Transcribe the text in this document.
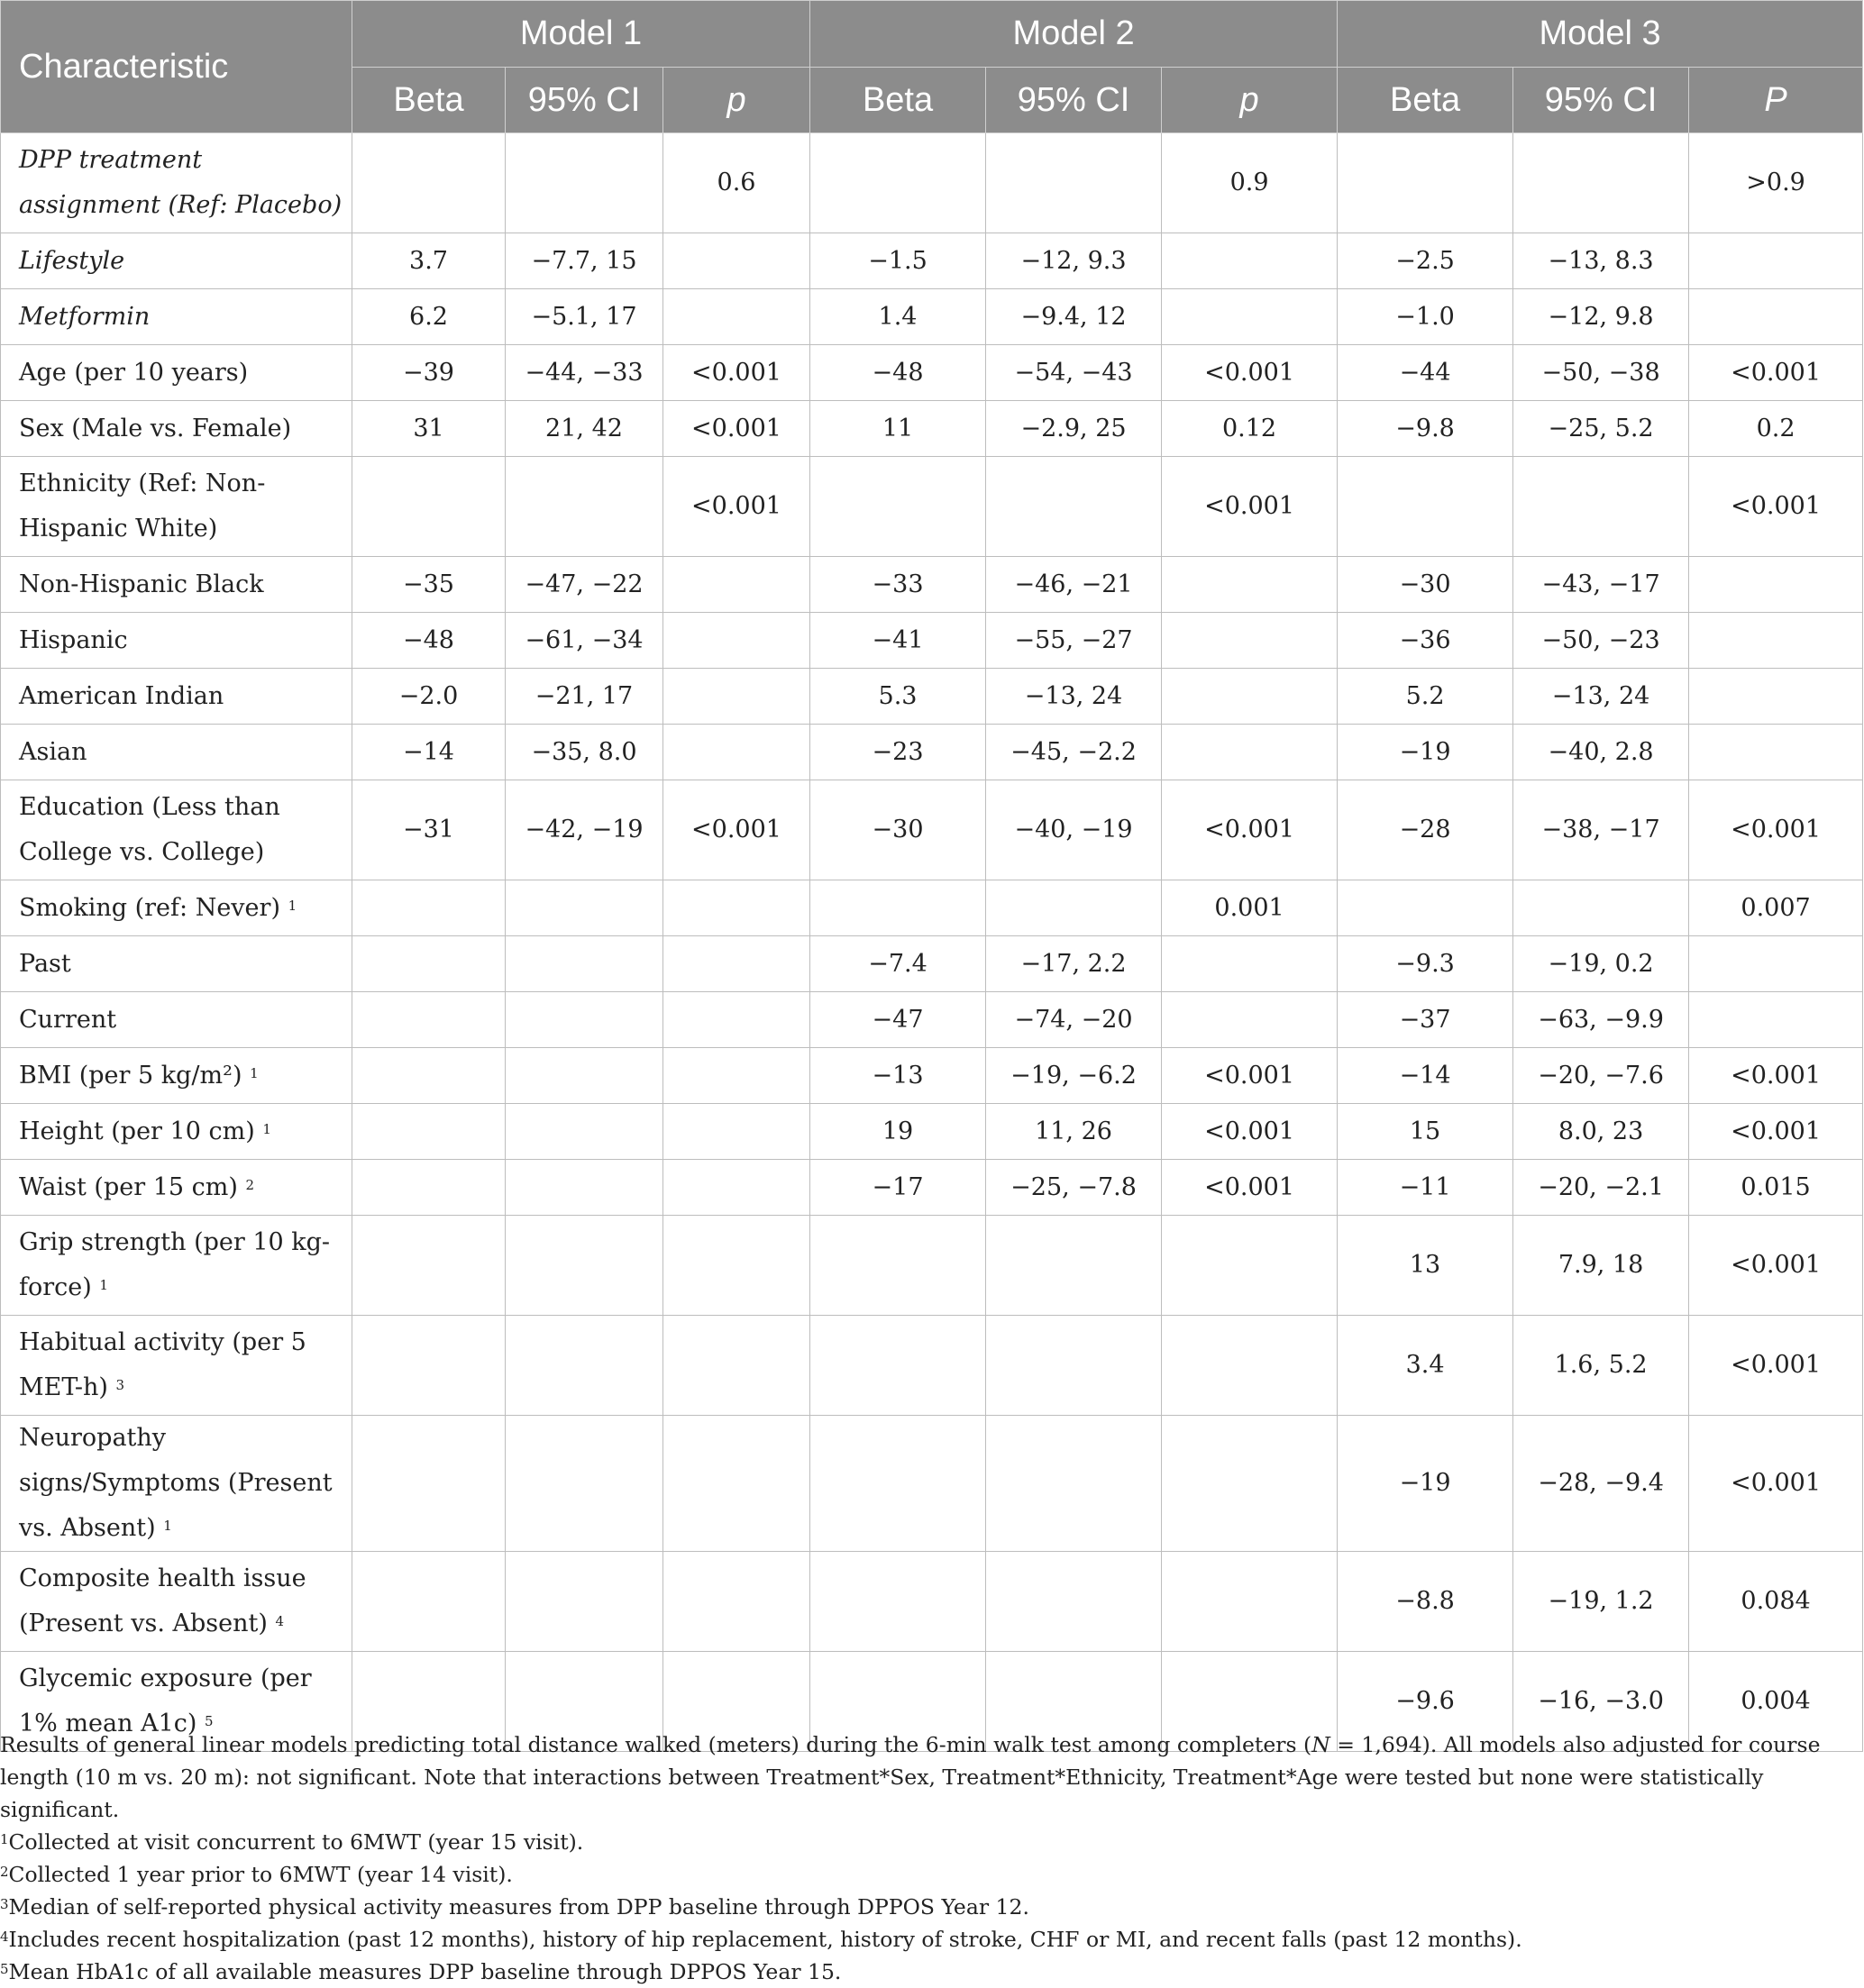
Characteristic	Model 1			Model 2			Model 3		
	Beta	95% CI	p	Beta	95% CI	p	Beta	95% CI	P
DPP treatment assignment (Ref: Placebo)			0.6			0.9			>0.9
Lifestyle	3.7	−7.7, 15		−1.5	−12, 9.3		−2.5	−13, 8.3	
Metformin	6.2	−5.1, 17		1.4	−9.4, 12		−1.0	−12, 9.8	
Age (per 10 years)	−39	−44, −33	<0.001	−48	−54, −43	<0.001	−44	−50, −38	<0.001
Sex (Male vs. Female)	31	21, 42	<0.001	11	−2.9, 25	0.12	−9.8	−25, 5.2	0.2
Ethnicity (Ref: Non-Hispanic White)			<0.001			<0.001			<0.001
Non-Hispanic Black	−35	−47, −22		−33	−46, −21		−30	−43, −17	
Hispanic	−48	−61, −34		−41	−55, −27		−36	−50, −23	
American Indian	−2.0	−21, 17		5.3	−13, 24		5.2	−13, 24	
Asian	−14	−35, 8.0		−23	−45, −2.2		−19	−40, 2.8	
Education (Less than College vs. College)	−31	−42, −19	<0.001	−30	−40, −19	<0.001	−28	−38, −17	<0.001
Smoking (ref: Never) $^1$						0.001			0.007
Past				−7.4	−17, 2.2		−9.3	−19, 0.2	
Current				−47	−74, −20		−37	−63, −9.9	
BMI (per 5 kg/m²) $^1$				−13	−19, −6.2	<0.001	−14	−20, −7.6	<0.001
Height (per 10 cm) $^1$				19	11, 26	<0.001	15	8.0, 23	<0.001
Waist (per 15 cm) $^2$				−17	−25, −7.8	<0.001	−11	−20, −2.1	0.015
Grip strength (per 10 kg-force) $^1$							13	7.9, 18	<0.001
Habitual activity (per 5 MET-h) $^3$							3.4	1.6, 5.2	<0.001
Neuropathy signs/Symptoms (Present vs. Absent) $^1$							−19	−28, −9.4	<0.001
Composite health issue (Present vs. Absent) $^4$							−8.8	−19, 1.2	0.084
Glycemic exposure (per 1% mean A1c) $^5$							−9.6	−16, −3.0	0.004

Results of general linear models predicting total distance walked (meters) during the 6-min walk test among completers (N = 1,694). All models also adjusted for course length (10 m vs. 20 m): not significant. Note that interactions between Treatment*Sex, Treatment*Ethnicity, Treatment*Age were tested but none were statistically significant.

$^1$Collected at visit concurrent to 6MWT (year 15 visit).

$^2$Collected 1 year prior to 6MWT (year 14 visit).

$^3$Median of self-reported physical activity measures from DPP baseline through DPPOS Year 12.

$^4$Includes recent hospitalization (past 12 months), history of hip replacement, history of stroke, CHF or MI, and recent falls (past 12 months).

$^5$Mean HbA1c of all available measures DPP baseline through DPPOS Year 15.
